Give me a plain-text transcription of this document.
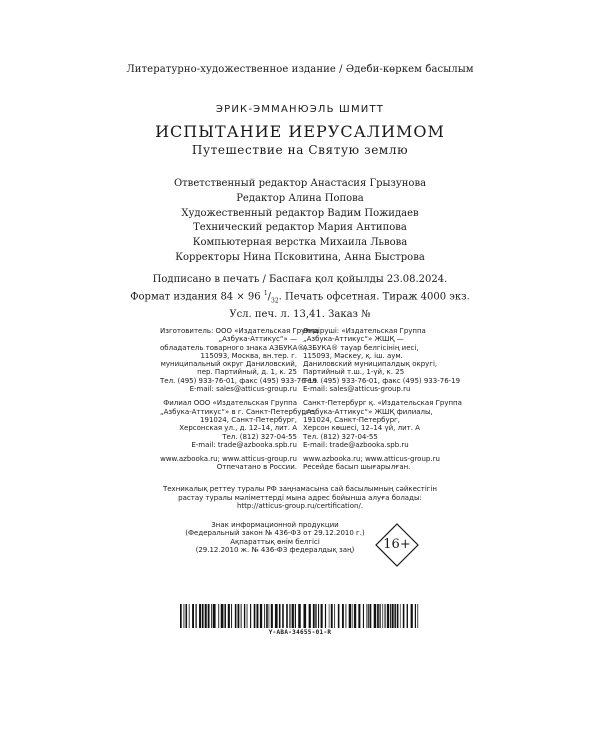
Литературно-художественное издание / Әдеби-көркем басылым
ЭРИК-ЭММАНЮЭЛЬ ШМИТТ
ИСПЫТАНИЕ ИЕРУСАЛИМОМ
Путешествие на Святую землю
Ответственный редактор Анастасия Грызунова
Редактор Алина Попова
Художественный редактор Вадим Пожидаев
Технический редактор Мария Антипова
Компьютерная верстка Михаила Львова
Корректоры Нина Псковитина, Анна Быстрова
Подписано в печать / Баспаға қол қойылды 23.08.2024.
Формат издания 84 × 96 $^1/_{32}$. Печать офсетная. Тираж 4000 экз.
Усл. печ. л. 13,41. Заказ №
Изготовитель: ООО «Издательская Группа
„Азбука-Аттикус“» —
обладатель товарного знака АЗБУКА®,
115093, Москва, вн.тер. г.
муниципальный округ Даниловский,
пер. Партийный, д. 1, к. 25
Тел. (495) 933-76-01, факс (495) 933-76-19
E-mail: sales@atticus-group.ru
Филиал ООО «Издательская Группа
„Азбука-Аттикус“» в г. Санкт-Петербурге,
191024, Санкт-Петербург,
Херсонская ул., д. 12–14, лит. А
Тел. (812) 327-04-55
E-mail: trade@azbooka.spb.ru
www.azbooka.ru; www.atticus-group.ru
Отпечатано в России.
Өндіруші: «Издательская Группа
„Азбука-Аттикус“» ЖШҚ —
АЗБУКА® тауар белгісінің иесі,
115093, Мәскеу, қ. іш. аум.
Даниловский муниципалдық округі,
Партийный т.ш., 1-үй, к. 25
Тел. (495) 933-76-01, факс (495) 933-76-19
E-mail: sales@atticus-group.ru
Санкт-Петербург қ. «Издательская Группа
„Азбука-Аттикус“» ЖШҚ филиалы,
191024, Санкт-Петербург,
Херсон көшесі, 12–14 үй, лит. А
Тел. (812) 327-04-55
E-mail: trade@azbooka.spb.ru
www.azbooka.ru; www.atticus-group.ru
Ресейде басып шығарылған.
Техникалық реттеу туралы РФ заңнамасына сай басылымның сәйкестігін
растау туралы мәліметтерді мына адрес бойынша алуға болады:
http://atticus-group.ru/certification/.
Знак информационной продукции
(Федеральный закон № 436-ФЗ от 29.12.2010 г.)
Ақпараттық өнім белгісі
(29.12.2010 ж. № 436-ФЗ федералдық заң)	16+
Y-ABA-34655-01-R
